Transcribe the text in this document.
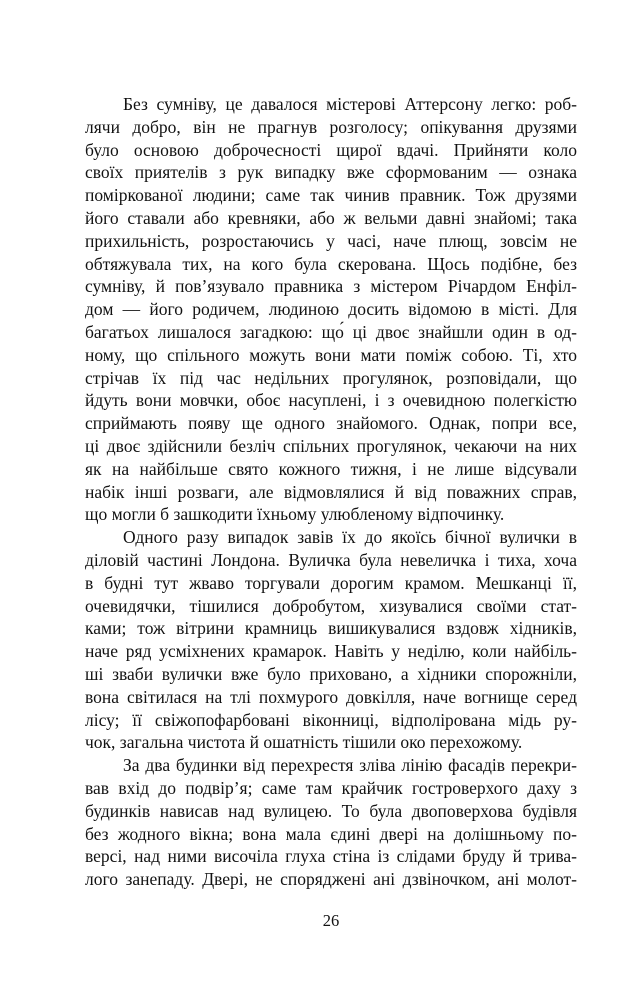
Без сумніву, це давалося містерові Аттерсону легко: роб-
лячи добро, він не прагнув розголосу; опікування друзями
було основою доброчесності щирої вдачі. Прийняти коло
своїх приятелів з рук випадку вже сформованим — ознака
поміркованої людини; саме так чинив правник. Тож друзями
його ставали або кревняки, або ж вельми давні знайомі; така
прихильність, розростаючись у часі, наче плющ, зовсім не
обтяжувала тих, на кого була скерована. Щось подібне, без
сумніву, й пов’язувало правника з містером Річардом Енфіл-
дом — його родичем, людиною досить відомою в місті. Для
багатьох лишалося загадкою: що́ ці двоє знайшли один в од-
ному, що спільного можуть вони мати поміж собою. Ті, хто
стрічав їх під час недільних прогулянок, розповідали, що
йдуть вони мовчки, обоє насуплені, і з очевидною полегкістю
сприймають появу ще одного знайомого. Однак, попри все,
ці двоє здійснили безліч спільних прогулянок, чекаючи на них
як на найбільше свято кожного тижня, і не лише відсували
набік інші розваги, але відмовлялися й від поважних справ,
що могли б зашкодити їхньому улюбленому відпочинку.
Одного разу випадок завів їх до якоїсь бічної вулички в
діловій частині Лондона. Вуличка була невеличка і тиха, хоча
в будні тут жваво торгували дорогим крамом. Мешканці її,
очевидячки, тішилися добробутом, хизувалися своїми стат-
ками; тож вітрини крамниць вишикувалися вздовж хідників,
наче ряд усміхнених крамарок. Навіть у неділю, коли найбіль-
ші зваби вулички вже було приховано, а хідники спорожніли,
вона світилася на тлі похмурого довкілля, наче вогнище серед
лісу; її свіжопофарбовані віконниці, відполірована мідь ру-
чок, загальна чистота й ошатність тішили око перехожому.
За два будинки від перехрестя зліва лінію фасадів перекри-
вав вхід до подвір’я; саме там крайчик гостроверхого даху з
будинків нависав над вулицею. То була двоповерхова будівля
без жодного вікна; вона мала єдині двері на долішньому по-
версі, над ними височіла глуха стіна із слідами бруду й трива-
лого занепаду. Двері, не споряджені ані дзвіночком, ані молот-
26
